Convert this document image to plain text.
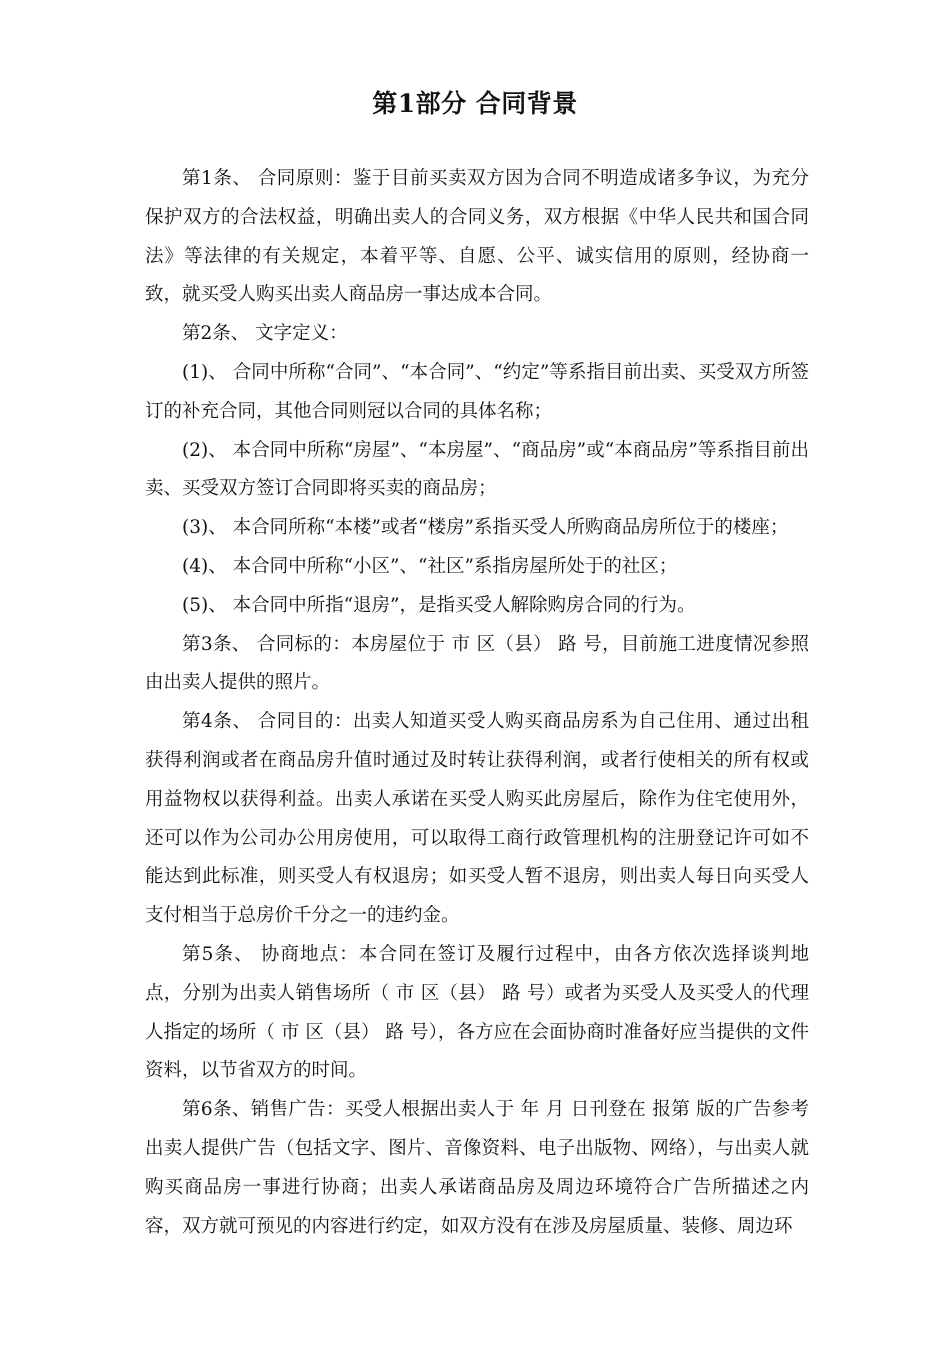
第1部分 合同背景

第1条、 合同原则：鉴于目前买卖双方因为合同不明造成诸多争议，为充分保护双方的合法权益，明确出卖人的合同义务，双方根据《中华人民共和国合同法》等法律的有关规定，本着平等、自愿、公平、诚实信用的原则，经协商一致，就买受人购买出卖人商品房一事达成本合同。

第2条、 文字定义：

(1)、 合同中所称“合同”、“本合同”、“约定”等系指目前出卖、买受双方所签订的补充合同，其他合同则冠以合同的具体名称；

(2)、 本合同中所称“房屋”、“本房屋”、“商品房”或“本商品房”等系指目前出卖、买受双方签订合同即将买卖的商品房；

(3)、 本合同所称“本楼”或者“楼房”系指买受人所购商品房所位于的楼座；

(4)、 本合同中所称“小区”、“社区”系指房屋所处于的社区；

(5)、 本合同中所指“退房”，是指买受人解除购房合同的行为。

第3条、 合同标的：本房屋位于 市 区（县） 路 号，目前施工进度情况参照由出卖人提供的照片。

第4条、 合同目的：出卖人知道买受人购买商品房系为自己住用、通过出租获得利润或者在商品房升值时通过及时转让获得利润，或者行使相关的所有权或用益物权以获得利益。出卖人承诺在买受人购买此房屋后，除作为住宅使用外，还可以作为公司办公用房使用，可以取得工商行政管理机构的注册登记许可如不能达到此标准，则买受人有权退房；如买受人暂不退房，则出卖人每日向买受人支付相当于总房价千分之一的违约金。

第5条、 协商地点：本合同在签订及履行过程中，由各方依次选择谈判地点，分别为出卖人销售场所（ 市 区（县） 路 号）或者为买受人及买受人的代理人指定的场所（ 市 区（县） 路 号），各方应在会面协商时准备好应当提供的文件资料，以节省双方的时间。

第6条、销售广告：买受人根据出卖人于 年 月 日刊登在 报第 版的广告参考出卖人提供广告（包括文字、图片、音像资料、电子出版物、网络），与出卖人就购买商品房一事进行协商；出卖人承诺商品房及周边环境符合广告所描述之内容，双方就可预见的内容进行约定，如双方没有在涉及房屋质量、装修、周边环
